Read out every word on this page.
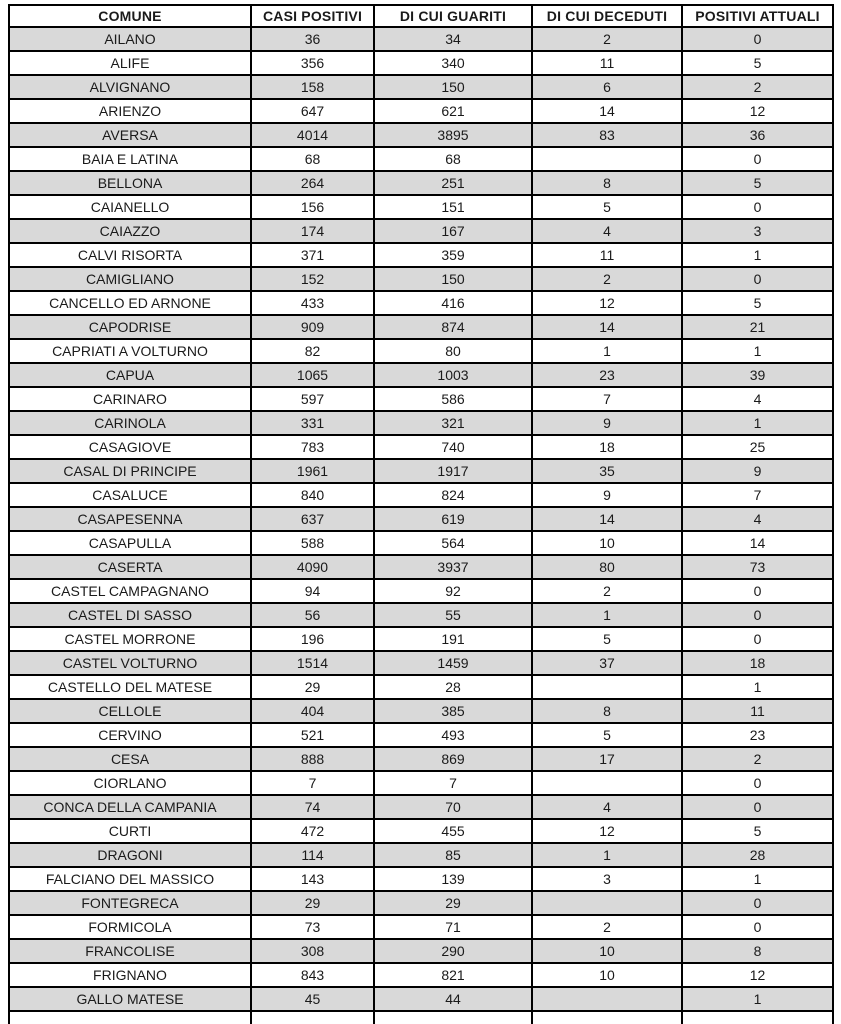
COMUNE	CASI POSITIVI	DI CUI GUARITI	DI CUI DECEDUTI	POSITIVI ATTUALI
AILANO	36	34	2	0
ALIFE	356	340	11	5
ALVIGNANO	158	150	6	2
ARIENZO	647	621	14	12
AVERSA	4014	3895	83	36
BAIA E LATINA	68	68		0
BELLONA	264	251	8	5
CAIANELLO	156	151	5	0
CAIAZZO	174	167	4	3
CALVI RISORTA	371	359	11	1
CAMIGLIANO	152	150	2	0
CANCELLO ED ARNONE	433	416	12	5
CAPODRISE	909	874	14	21
CAPRIATI A VOLTURNO	82	80	1	1
CAPUA	1065	1003	23	39
CARINARO	597	586	7	4
CARINOLA	331	321	9	1
CASAGIOVE	783	740	18	25
CASAL DI PRINCIPE	1961	1917	35	9
CASALUCE	840	824	9	7
CASAPESENNA	637	619	14	4
CASAPULLA	588	564	10	14
CASERTA	4090	3937	80	73
CASTEL CAMPAGNANO	94	92	2	0
CASTEL DI SASSO	56	55	1	0
CASTEL MORRONE	196	191	5	0
CASTEL VOLTURNO	1514	1459	37	18
CASTELLO DEL MATESE	29	28		1
CELLOLE	404	385	8	11
CERVINO	521	493	5	23
CESA	888	869	17	2
CIORLANO	7	7		0
CONCA DELLA CAMPANIA	74	70	4	0
CURTI	472	455	12	5
DRAGONI	114	85	1	28
FALCIANO DEL MASSICO	143	139	3	1
FONTEGRECA	29	29		0
FORMICOLA	73	71	2	0
FRANCOLISE	308	290	10	8
FRIGNANO	843	821	10	12
GALLO MATESE	45	44		1
